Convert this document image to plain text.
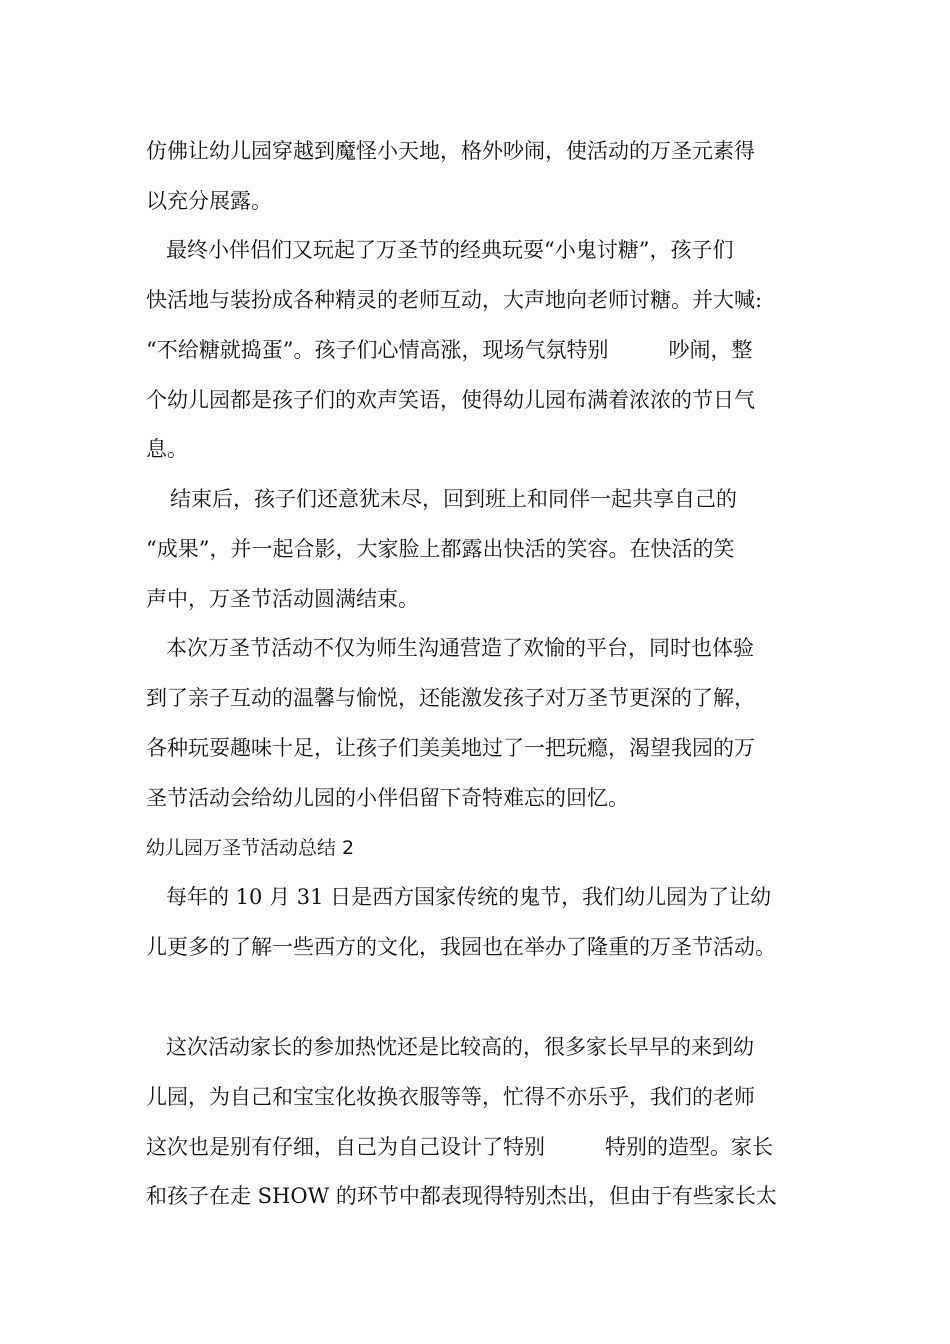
仿佛让幼儿园穿越到魔怪小天地，格外吵闹，使活动的万圣元素得
以充分展露。
最终小伴侣们又玩起了万圣节的经典玩耍“小鬼讨糖”，孩子们
快活地与装扮成各种精灵的老师互动，大声地向老师讨糖。并大喊:
“不给糖就捣蛋”。孩子们心情高涨，现场气氛特别	吵闹，整
个幼儿园都是孩子们的欢声笑语，使得幼儿园布满着浓浓的节日气
息。
结束后，孩子们还意犹未尽，回到班上和同伴一起共享自己的
“成果”，并一起合影，大家脸上都露出快活的笑容。在快活的笑
声中，万圣节活动圆满结束。
本次万圣节活动不仅为师生沟通营造了欢愉的平台，同时也体验
到了亲子互动的温馨与愉悦，还能激发孩子对万圣节更深的了解，
各种玩耍趣味十足，让孩子们美美地过了一把玩瘾，渴望我园的万
圣节活动会给幼儿园的小伴侣留下奇特难忘的回忆。
幼儿园万圣节活动总结 2
每年的 10 月 31 日是西方国家传统的鬼节，我们幼儿园为了让幼
儿更多的了解一些西方的文化，我园也在举办了隆重的万圣节活动。
这次活动家长的参加热忱还是比较高的，很多家长早早的来到幼
儿园，为自己和宝宝化妆换衣服等等，忙得不亦乐乎，我们的老师
这次也是别有仔细，自己为自己设计了特别	特别的造型。家长
和孩子在走 SHOW 的环节中都表现得特别杰出，但由于有些家长太
